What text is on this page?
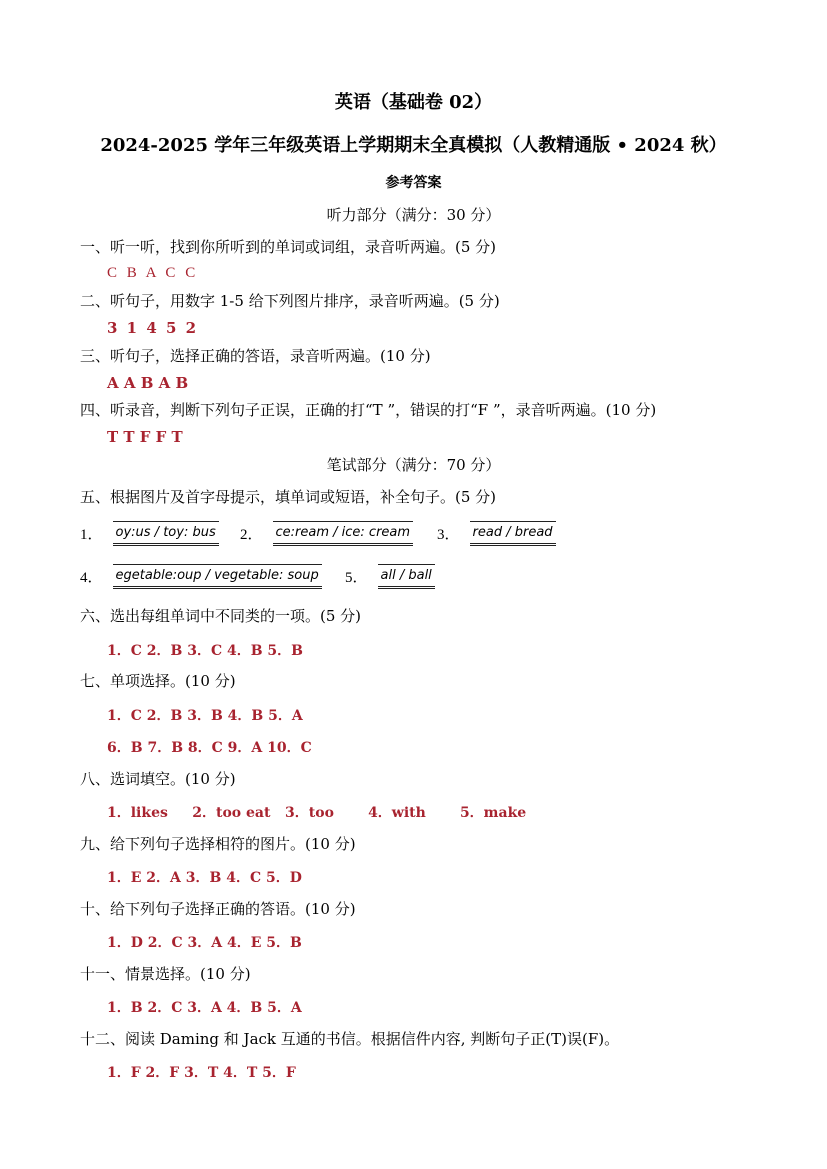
英语（基础卷 02）
2024-2025 学年三年级英语上学期期末全真模拟（人教精通版 • 2024 秋）
参考答案
听力部分（满分：30 分）
一、听一听，找到你所听到的单词或词组，录音听两遍。(5 分)
C B A C C
二、听句子，用数字 1-5 给下列图片排序，录音听两遍。(5 分)
3 1 4 5 2
三、听句子，选择正确的答语，录音听两遍。(10 分)
A A B A B
四、听录音，判断下列句子正误，正确的打“T ”，错误的打“F ”，录音听两遍。(10 分)
T T F F T
笔试部分（满分：70 分）
五、根据图片及首字母提示，填单词或短语，补全句子。(5 分)
1． oy:us / toy: bus 2． ce:ream / ice: cream 3． read / bread
4． egetable:oup / vegetable: soup 5． all / ball
六、选出每组单词中不同类的一项。(5 分)
1．C 2．B 3．C 4．B 5．B
七、单项选择。(10 分)
1．C 2．B 3．B 4．B 5．A
6．B 7．B 8．C 9．A 10．C
八、选词填空。(10 分)
1．likes     2．too eat   3．too       4．with       5．make
九、给下列句子选择相符的图片。(10 分)
1．E 2．A 3．B 4．C 5．D
十、给下列句子选择正确的答语。(10 分)
1．D 2．C 3．A 4．E 5．B
十一、情景选择。(10 分)
1．B 2．C 3．A 4．B 5．A
十二、阅读 Daming 和 Jack 互通的书信。根据信件内容, 判断句子正(T)误(F)。
1．F 2．F 3．T 4．T 5．F
